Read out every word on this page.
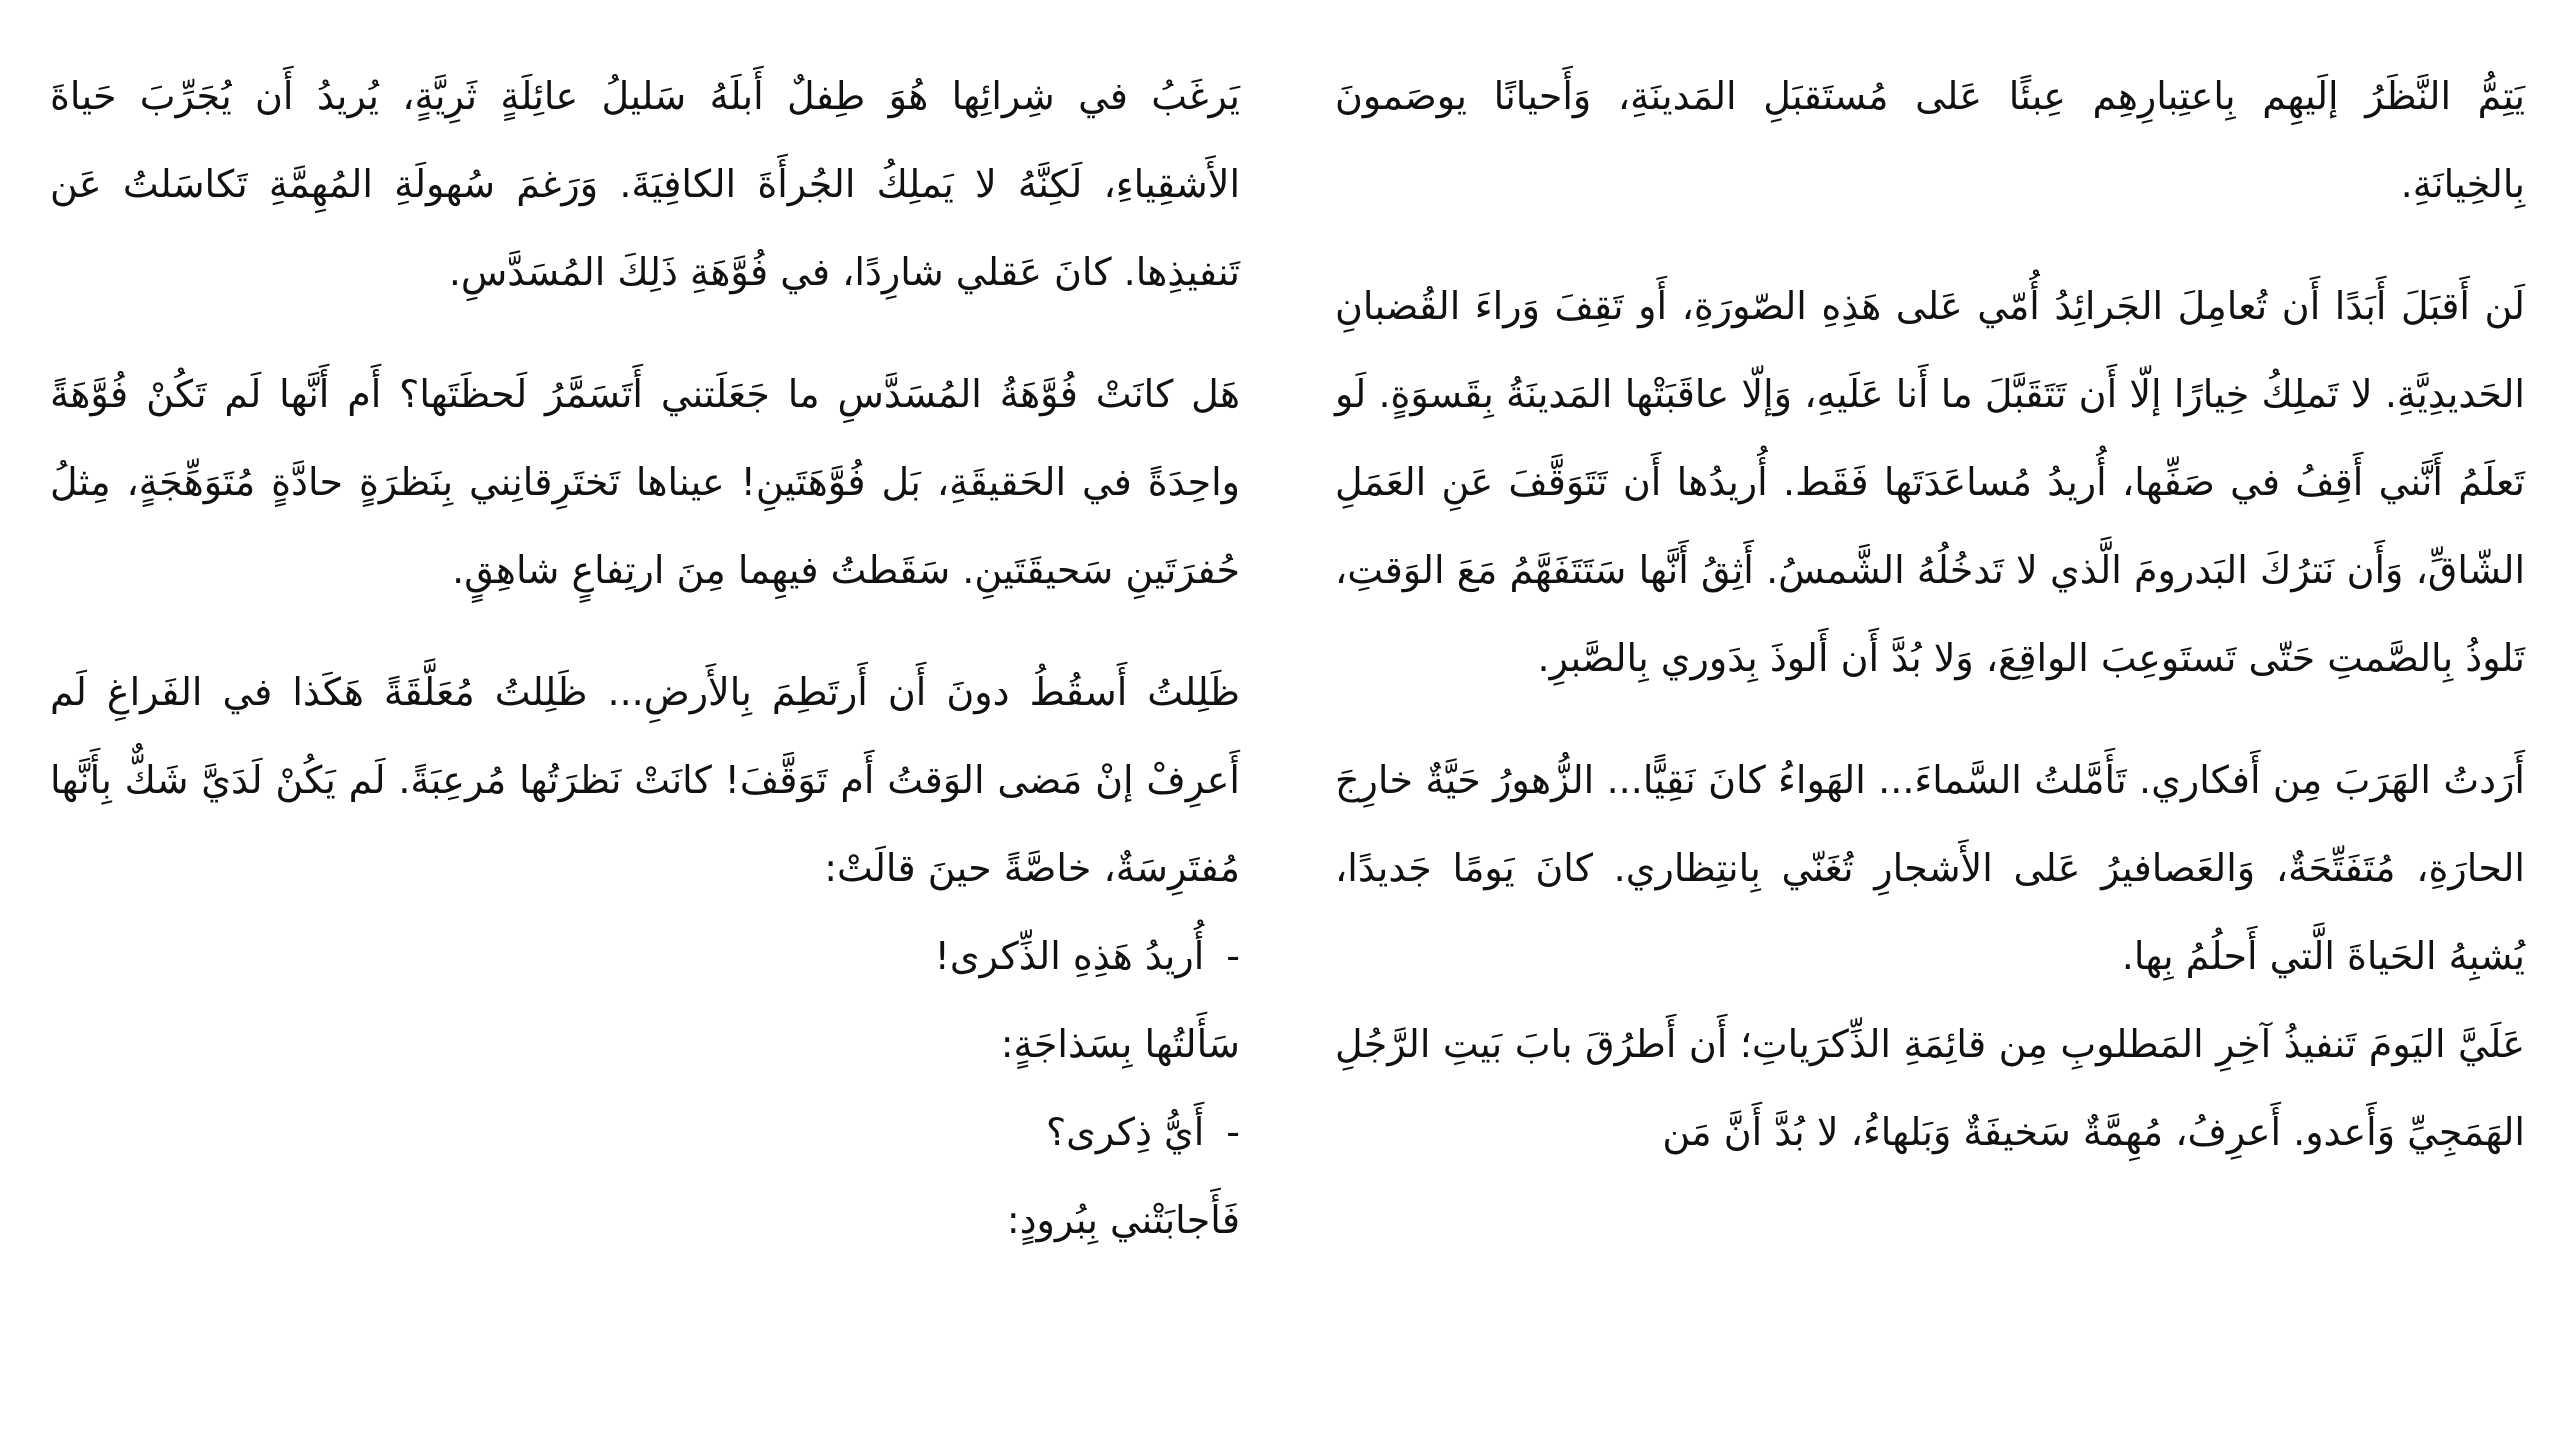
يَتِمُّ النَّظَرُ إلَيهِم بِاعتِبارِهِم عِبئًا عَلى مُستَقبَلِ المَدينَةِ، وَأَحيانًا يوصَمونَ بِالخِيانَةِ.

لَن أَقبَلَ أَبَدًا أَن تُعامِلَ الجَرائِدُ أُمّي عَلى هَذِهِ الصّورَةِ، أَو تَقِفَ وَراءَ القُضبانِ الحَديدِيَّةِ. لا تَملِكُ خِيارًا إلّا أَن تَتَقَبَّلَ ما أَنا عَلَيهِ، وَإلّا عاقَبَتْها المَدينَةُ بِقَسوَةٍ. لَو تَعلَمُ أَنَّني أَقِفُ في صَفِّها، أُريدُ مُساعَدَتَها فَقَط. أُريدُها أَن تَتَوَقَّفَ عَنِ العَمَلِ الشّاقِّ، وَأَن نَترُكَ البَدرومَ الَّذي لا تَدخُلُهُ الشَّمسُ. أَثِقُ أَنَّها سَتَتَفَهَّمُ مَعَ الوَقتِ، تَلوذُ بِالصَّمتِ حَتّى تَستَوعِبَ الواقِعَ، وَلا بُدَّ أَن أَلوذَ بِدَوري بِالصَّبرِ.

أَرَدتُ الهَرَبَ مِن أَفكاري. تَأَمَّلتُ السَّماءَ... الهَواءُ كانَ نَقِيًّا... الزُّهورُ حَيَّةٌ خارِجَ الحارَةِ، مُتَفَتِّحَةٌ، وَالعَصافيرُ عَلى الأَشجارِ تُغَنّي بِانتِظاري. كانَ يَومًا جَديدًا، يُشبِهُ الحَياةَ الَّتي أَحلُمُ بِها.

عَلَيَّ اليَومَ تَنفيذُ آخِرِ المَطلوبِ مِن قائِمَةِ الذِّكرَياتِ؛ أَن أَطرُقَ بابَ بَيتِ الرَّجُلِ الهَمَجِيِّ وَأَعدو. أَعرِفُ، مُهِمَّةٌ سَخيفَةٌ وَبَلهاءُ، لا بُدَّ أَنَّ مَن

يَرغَبُ في شِرائِها هُوَ طِفلٌ أَبلَهُ سَليلُ عائِلَةٍ ثَرِيَّةٍ، يُريدُ أَن يُجَرِّبَ حَياةَ الأَشقِياءِ، لَكِنَّهُ لا يَملِكُ الجُرأَةَ الكافِيَةَ. وَرَغمَ سُهولَةِ المُهِمَّةِ تَكاسَلتُ عَن تَنفيذِها. كانَ عَقلي شارِدًا، في فُوَّهَةِ ذَلِكَ المُسَدَّسِ.

هَل كانَتْ فُوَّهَةُ المُسَدَّسِ ما جَعَلَتني أَتَسَمَّرُ لَحظَتَها؟ أَم أَنَّها لَم تَكُنْ فُوَّهَةً واحِدَةً في الحَقيقَةِ، بَل فُوَّهَتَينِ! عيناها تَختَرِقانِني بِنَظرَةٍ حادَّةٍ مُتَوَهِّجَةٍ، مِثلُ حُفرَتَينِ سَحيقَتَينِ. سَقَطتُ فيهِما مِنَ ارتِفاعٍ شاهِقٍ.

ظَلِلتُ أَسقُطُ دونَ أَن أَرتَطِمَ بِالأَرضِ... ظَلِلتُ مُعَلَّقَةً هَكَذا في الفَراغِ لَم أَعرِفْ إنْ مَضى الوَقتُ أَم تَوَقَّفَ! كانَتْ نَظرَتُها مُرعِبَةً. لَم يَكُنْ لَدَيَّ شَكٌّ بِأَنَّها مُفتَرِسَةٌ، خاصَّةً حينَ قالَتْ:

-أُريدُ هَذِهِ الذِّكرى!

سَأَلتُها بِسَذاجَةٍ:

-أَيُّ ذِكرى؟

فَأَجابَتْني بِبُرودٍ:
